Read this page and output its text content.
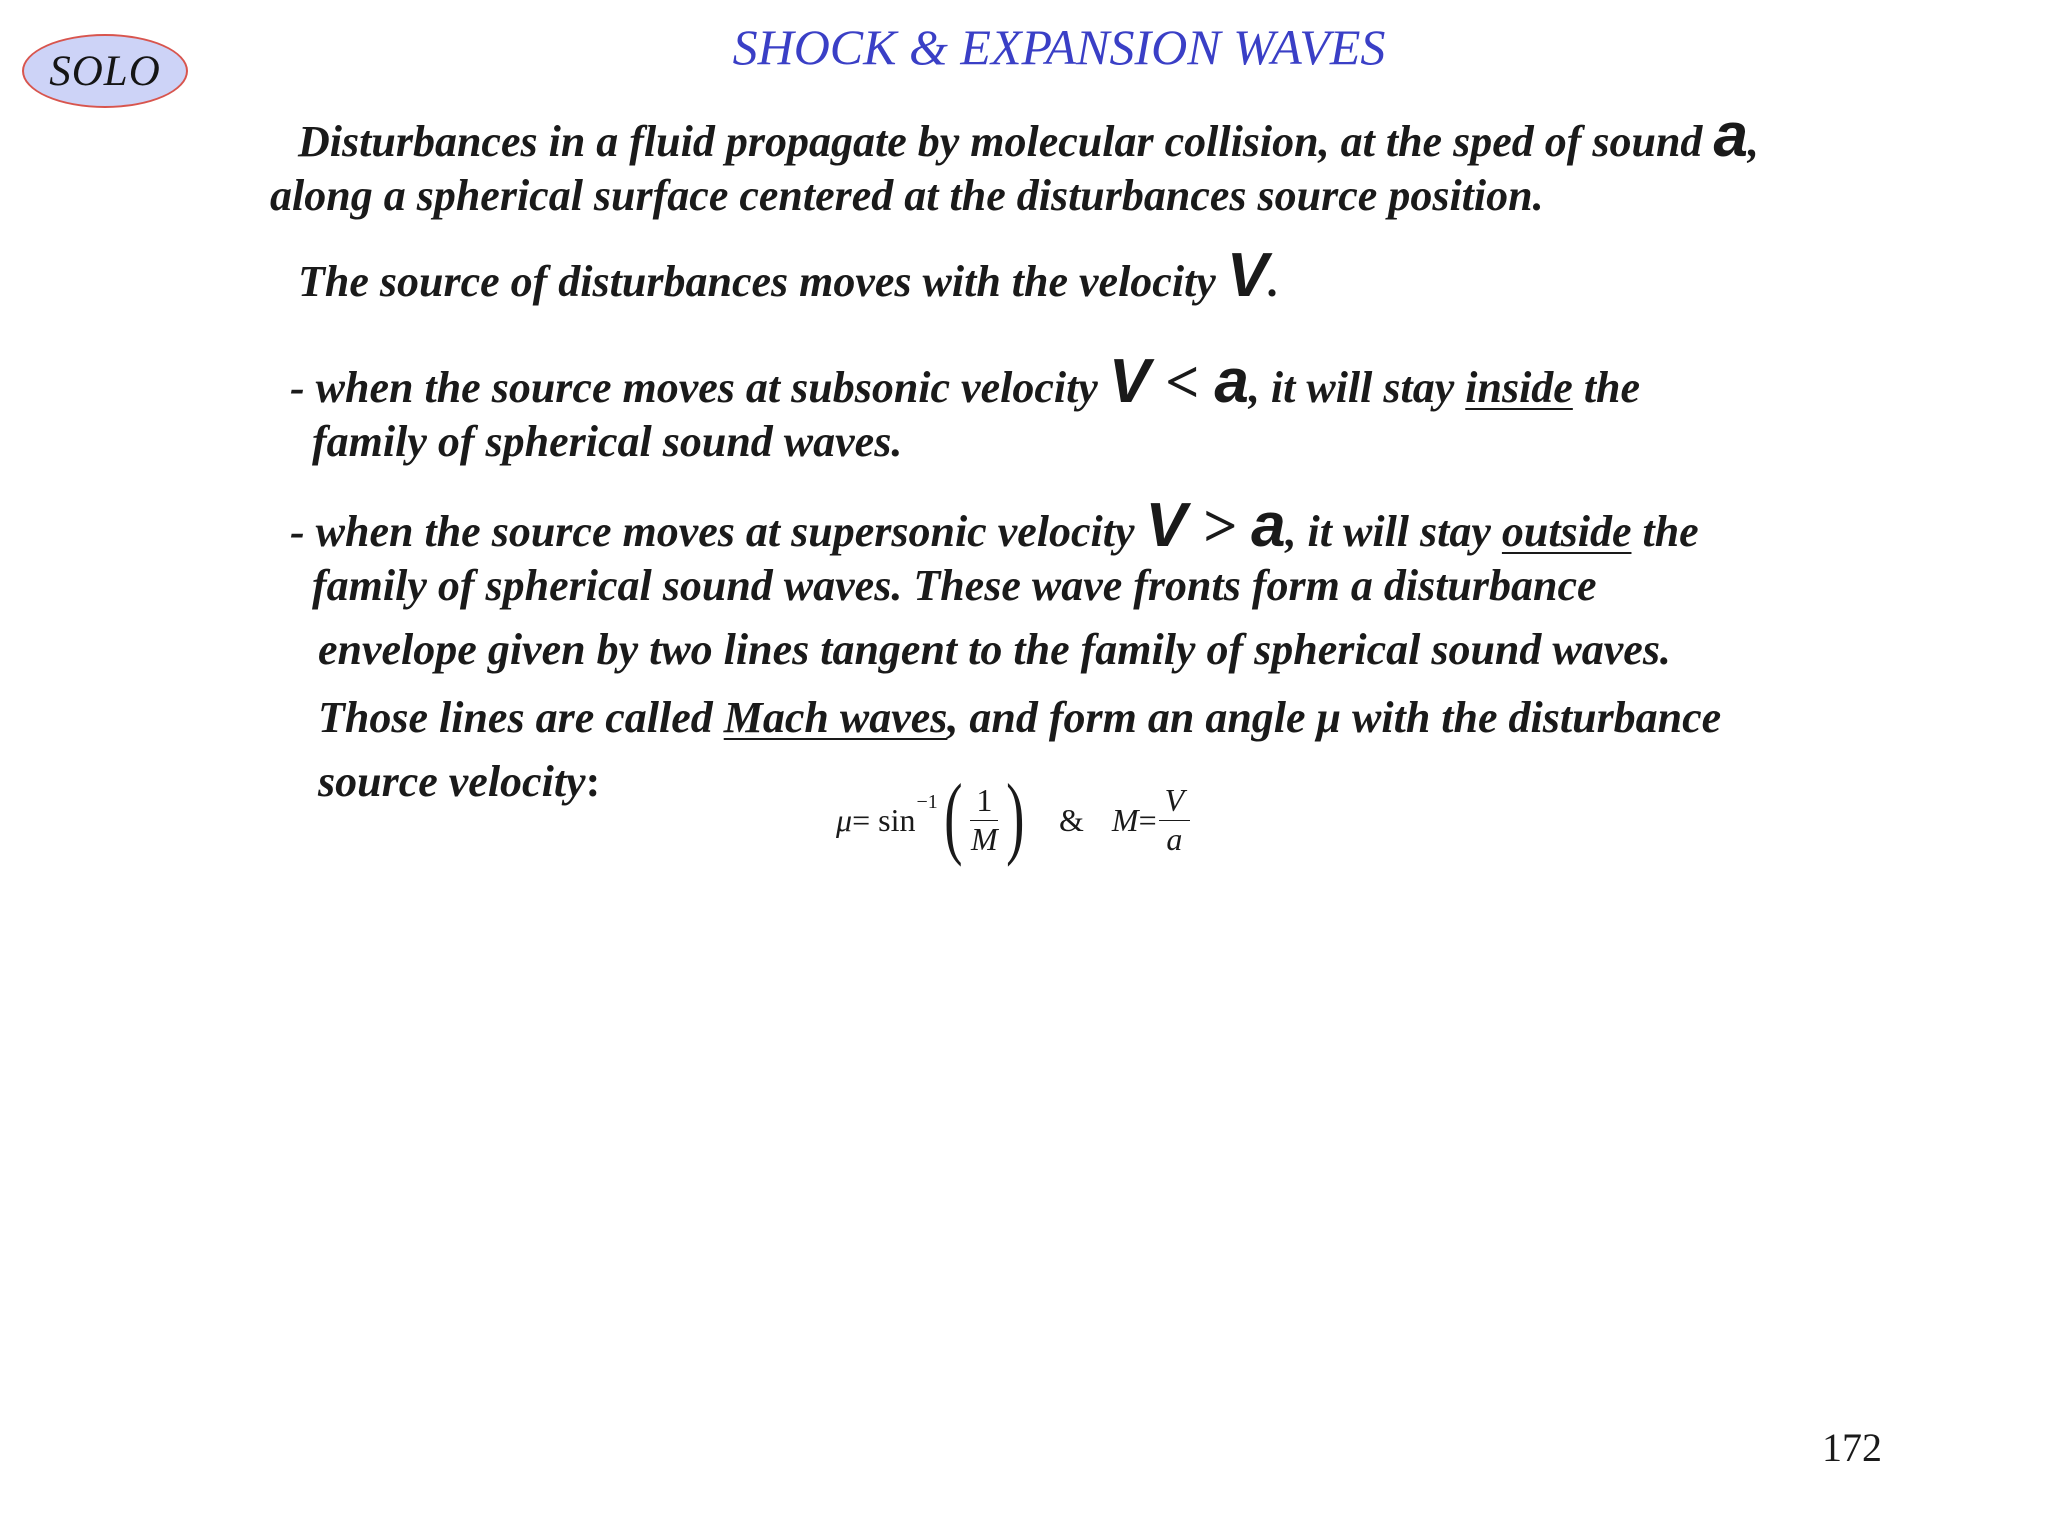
SOLO	SHOCK & EXPANSION WAVES
Disturbances in a fluid propagate by molecular collision, at the sped of sound a,
along a spherical surface centered at the disturbances source position.
The source of disturbances moves with the velocity V.
- when the source moves at subsonic velocity V < a, it will stay inside the
family of spherical sound waves.
- when the source moves at supersonic velocity V > a, it will stay outside the
family of spherical sound waves. These wave fronts form a disturbance
envelope given by two lines tangent to the family of spherical sound waves.
Those lines are called Mach waves, and form an angle μ with the disturbance
source velocity:
μ = sin −1 ( $\frac{1}{M}$ ) & $M = \frac{V}{a}$
172
